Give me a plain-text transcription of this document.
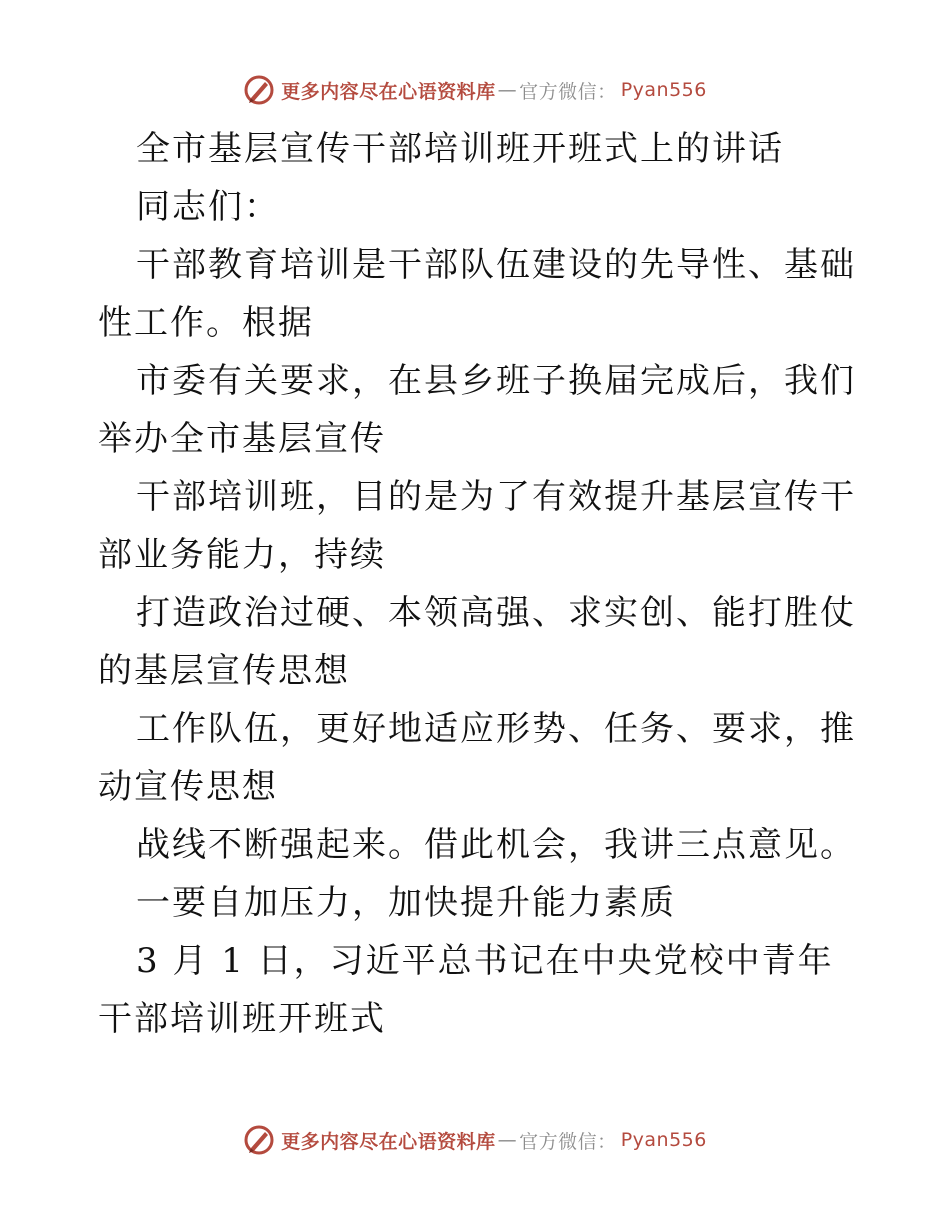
更多内容尽在心语资料库 — 官方微信： Pyan556

全市基层宣传干部培训班开班式上的讲话

同志们：

干部教育培训是干部队伍建设的先导性、基础性工作。根据

市委有关要求，在县乡班子换届完成后，我们举办全市基层宣传

干部培训班，目的是为了有效提升基层宣传干部业务能力，持续

打造政治过硬、本领高强、求实创、能打胜仗的基层宣传思想

工作队伍，更好地适应形势、任务、要求，推动宣传思想

战线不断强起来。借此机会，我讲三点意见。

一要自加压力，加快提升能力素质

3 月 1 日，习近平总书记在中央党校中青年干部培训班开班式

更多内容尽在心语资料库 — 官方微信： Pyan556
